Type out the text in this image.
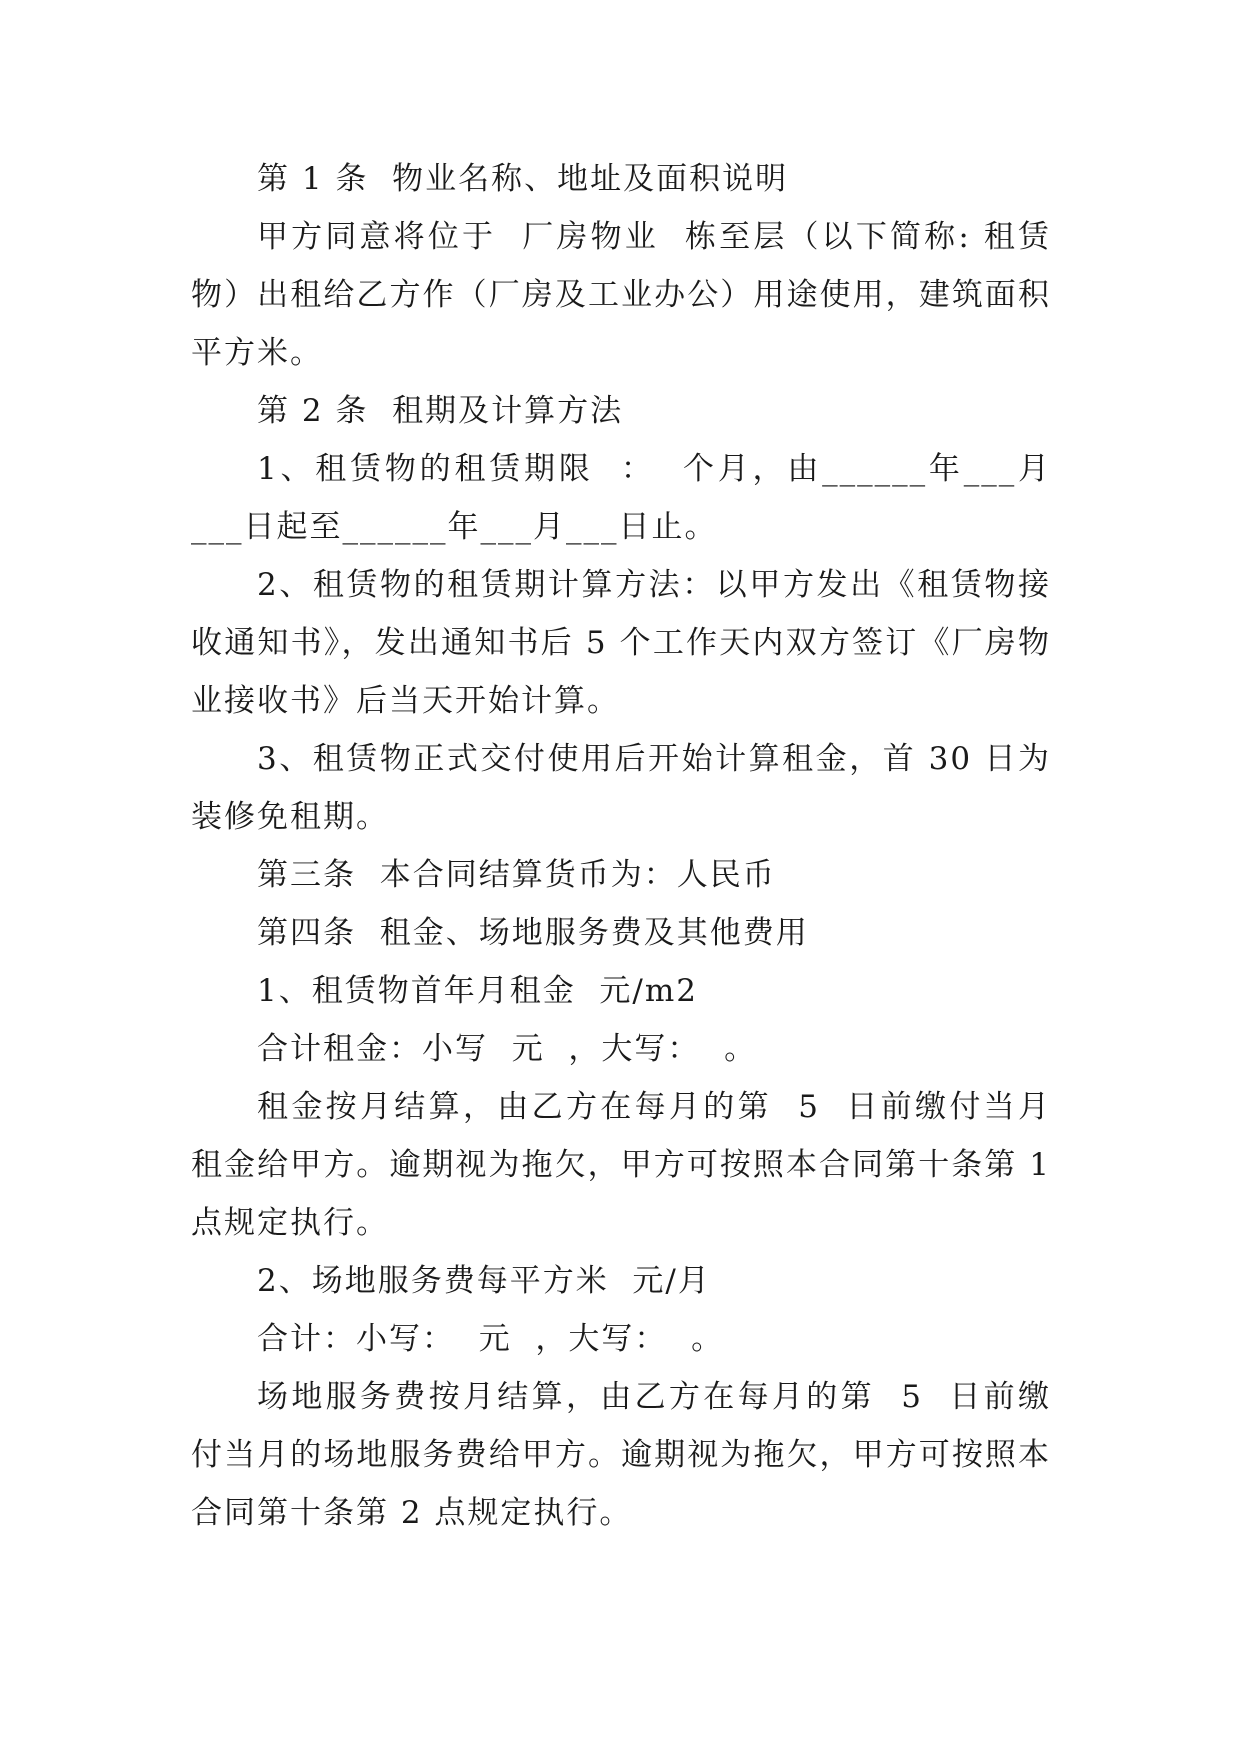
第 1 条  物业名称、地址及面积说明

甲方同意将位于  厂房物业  栋至层（以下简称: 租赁物）出租给乙方作（厂房及工业办公）用途使用，建筑面积  平方米。

第 2 条  租期及计算方法

1、租赁物的租赁期限  ：  个月，由______年___月___日起至______年___月___日止。

2、租赁物的租赁期计算方法：以甲方发出《租赁物接收通知书》，发出通知书后 5 个工作天内双方签订《厂房物业接收书》后当天开始计算。

3、租赁物正式交付使用后开始计算租金，首 30 日为装修免租期。

第三条  本合同结算货币为：人民币

第四条  租金、场地服务费及其他费用

1、租赁物首年月租金  元/m2

合计租金：小写  元  ，大写：  。

租金按月结算，由乙方在每月的第  5  日前缴付当月租金给甲方。逾期视为拖欠，甲方可按照本合同第十条第 1 点规定执行。

2、场地服务费每平方米  元/月

合计：小写：  元  ，大写：  。

场地服务费按月结算，由乙方在每月的第  5  日前缴付当月的场地服务费给甲方。逾期视为拖欠，甲方可按照本合同第十条第 2 点规定执行。
